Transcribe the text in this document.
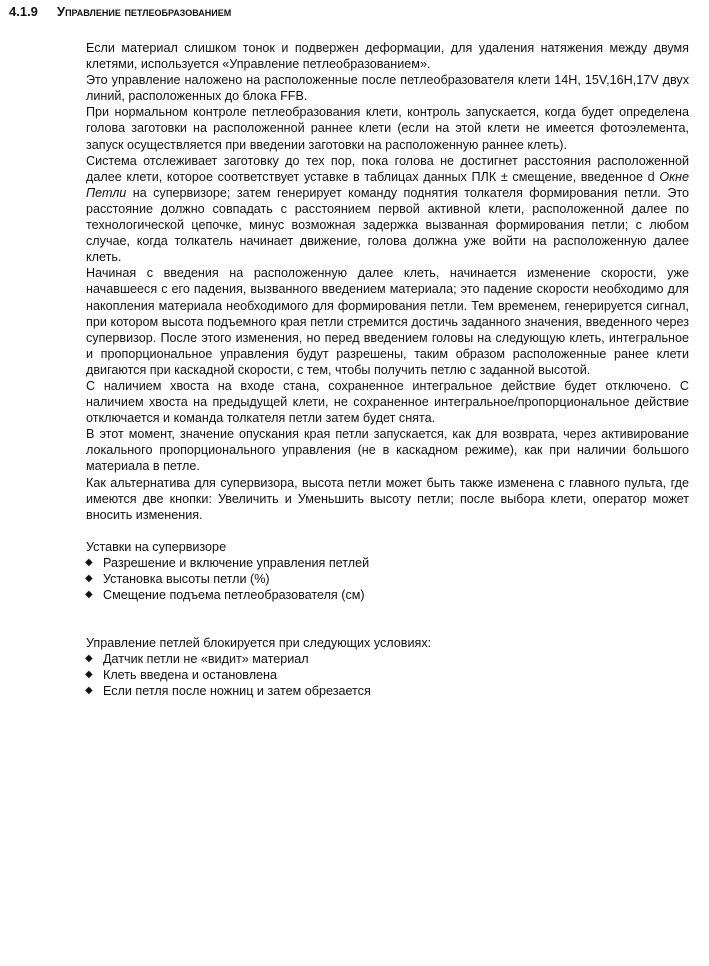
4.1.9 Управление петлеобразованием

Если материал слишком тонок и подвержен деформации, для удаления натяжения между двумя клетями, используется «Управление петлеобразованием».

Это управление наложено на расположенные после петлеобразователя клети 14H, 15V,16H,17V двух линий, расположенных до блока FFB.

При нормальном контроле петлеобразования клети, контроль запускается, когда будет определена голова заготовки на расположенной раннее клети (если на этой клети не имеется фотоэлемента, запуск осуществляется при введении заготовки на расположенную раннее клеть).

Система отслеживает заготовку до тех пор, пока голова не достигнет расстояния расположенной далее клети, которое соответствует уставке в таблицах данных ПЛК ± смещение, введенное d Окне Петли на супервизоре; затем генерирует команду поднятия толкателя формирования петли. Это расстояние должно совпадать с расстоянием первой активной клети, расположенной далее по технологической цепочке, минус возможная задержка вызванная формирования петли; с любом случае, когда толкатель начинает движение, голова должна уже войти на расположенную далее клеть.

Начиная с введения на расположенную далее клеть, начинается изменение скорости, уже начавшееся с его падения, вызванного введением материала; это падение скорости необходимо для накопления материала необходимого для формирования петли. Тем временем, генерируется сигнал, при котором высота подъемного края петли стремится достичь заданного значения, введенного через супервизор. После этого изменения, но перед введением головы на следующую клеть, интегральное и пропорциональное управления будут разрешены, таким образом расположенные ранее клети двигаются при каскадной скорости, с тем, чтобы получить петлю с заданной высотой.

С наличием хвоста на входе стана, сохраненное интегральное действие будет отключено. С наличием хвоста на предыдущей клети, не сохраненное интегральное/пропорциональное действие отключается и команда толкателя петли затем будет снята.

В этот момент, значение опускания края петли запускается, как для возврата, через активирование локального пропорционального управления (не в каскадном режиме), как при наличии большого материала в петле.

Как альтернатива для супервизора, высота петли может быть также изменена с главного пульта, где имеются две кнопки: Увеличить и Уменьшить высоту петли; после выбора клети, оператор может вносить изменения.

Уставки на супервизоре
◆ Разрешение и включение управления петлей
◆ Установка высоты петли (%)
◆ Смещение подъема петлеобразователя (см)
Управление петлей блокируется при следующих условиях:
◆ Датчик петли не «видит» материал
◆ Клеть введена и остановлена
◆ Если петля после ножниц и затем обрезается
